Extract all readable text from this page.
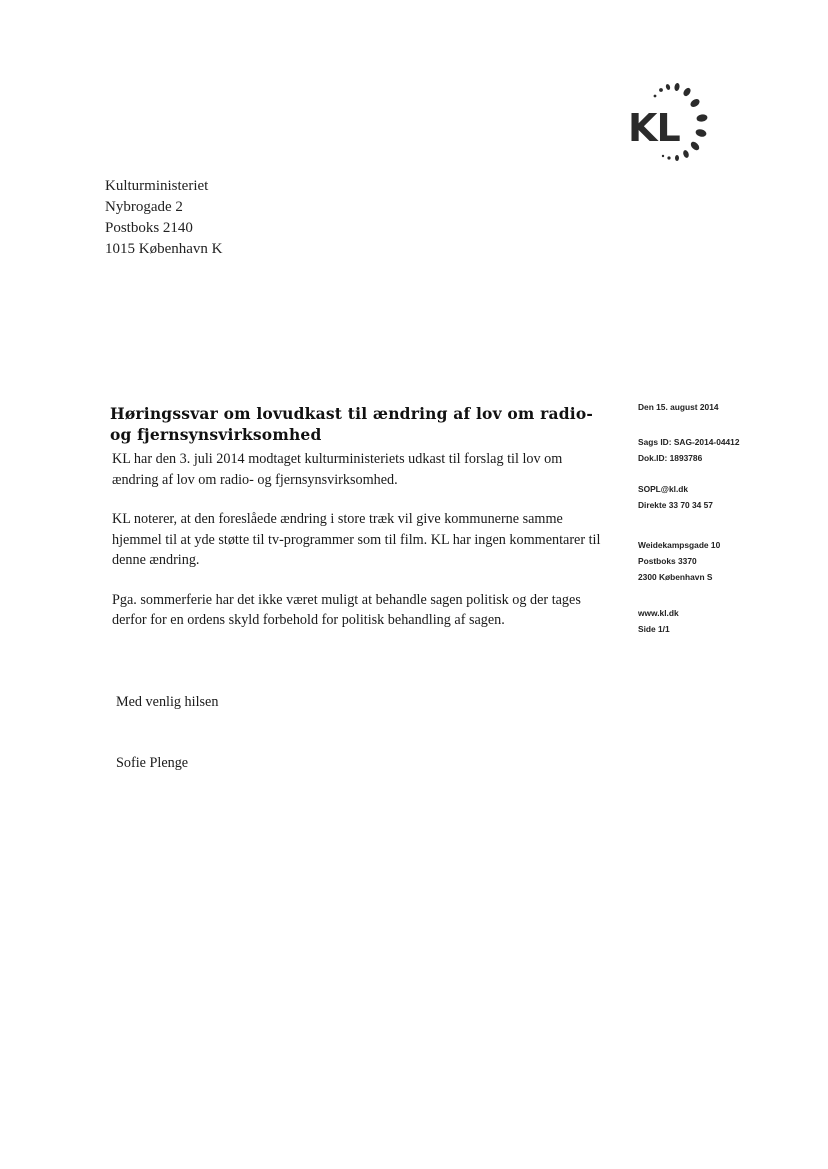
KL
Kulturministeriet
Nybrogade 2
Postboks 2140
1015 København K
Den 15. august 2014
Sags ID: SAG-2014-04412
Dok.ID: 1893786
SOPL@kl.dk
Direkte 33 70 34 57
Weidekampsgade 10
Postboks 3370
2300 København S
www.kl.dk
Side 1/1
Høringssvar om lovudkast til ændring af lov om radio- og fjernsynsvirksomhed

KL har den 3. juli 2014 modtaget kulturministeriets udkast til forslag til lov om ændring af lov om radio- og fjernsynsvirksomhed.

KL noterer, at den foreslåede ændring i store træk vil give kommunerne samme hjemmel til at yde støtte til tv-programmer som til film. KL har ingen kommentarer til denne ændring.

Pga. sommerferie har det ikke været muligt at behandle sagen politisk og der tages derfor for en ordens skyld forbehold for politisk behandling af sagen.

Med venlig hilsen
Sofie Plenge
